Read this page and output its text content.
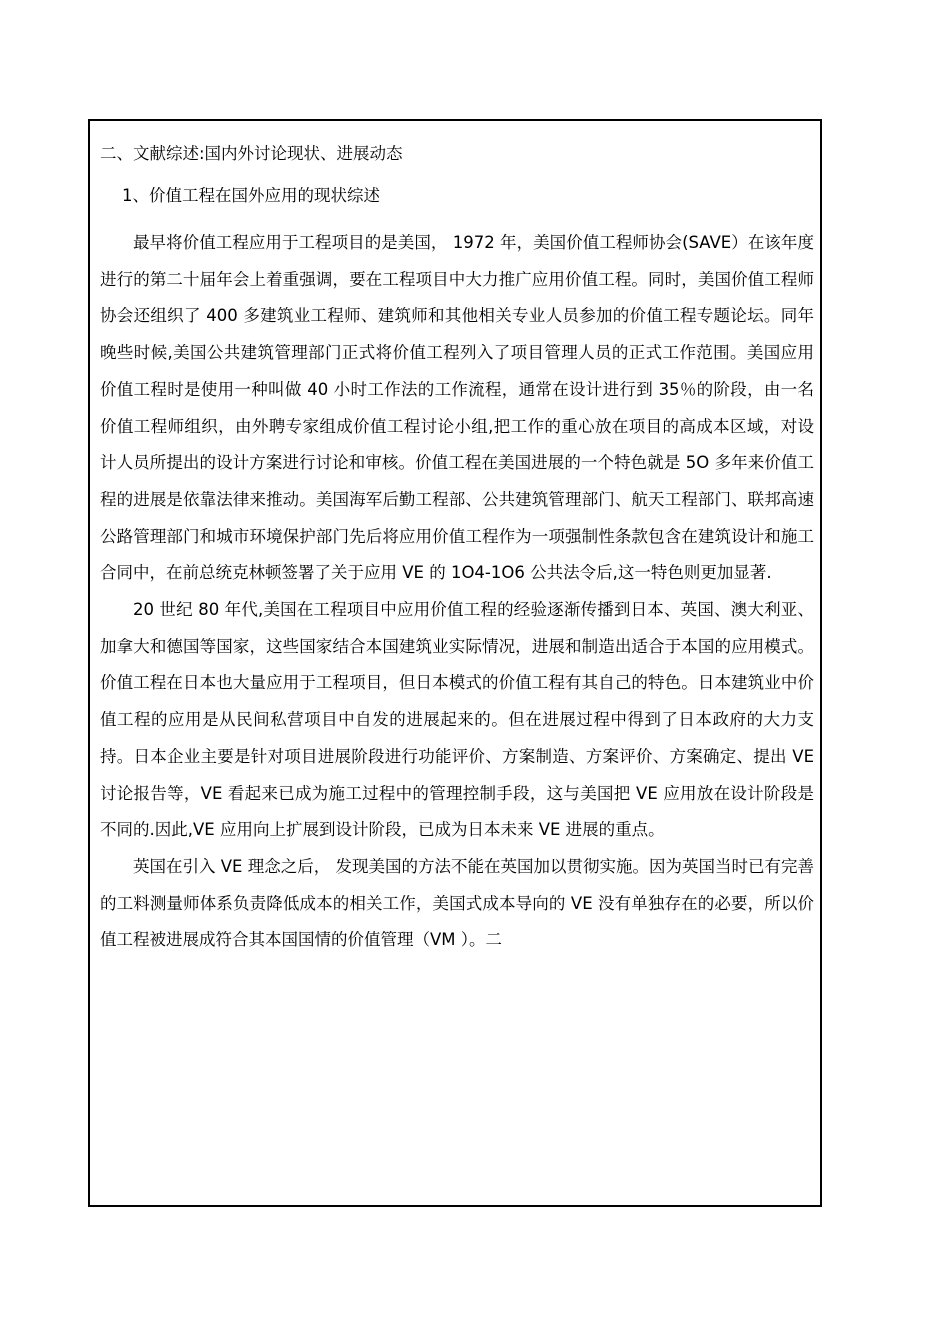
二、文献综述:国内外讨论现状、进展动态
1、价值工程在国外应用的现状综述

最早将价值工程应用于工程项目的是美国， 1972 年，美国价值工程师协会(SAVE）在该年度进行的第二十届年会上着重强调，要在工程项目中大力推广应用价值工程。同时，美国价值工程师协会还组织了 400 多建筑业工程师、建筑师和其他相关专业人员参加的价值工程专题论坛。同年晚些时候,美国公共建筑管理部门正式将价值工程列入了项目管理人员的正式工作范围。美国应用价值工程时是使用一种叫做 40 小时工作法的工作流程，通常在设计进行到 35％的阶段，由一名价值工程师组织，由外聘专家组成价值工程讨论小组,把工作的重心放在项目的高成本区域，对设计人员所提出的设计方案进行讨论和审核。价值工程在美国进展的一个特色就是 5O 多年来价值工程的进展是依靠法律来推动。美国海军后勤工程部、公共建筑管理部门、航天工程部门、联邦高速公路管理部门和城市环境保护部门先后将应用价值工程作为一项强制性条款包含在建筑设计和施工合同中，在前总统克林顿签署了关于应用 VE 的 1O4-1O6 公共法令后,这一特色则更加显著.

20 世纪 80 年代,美国在工程项目中应用价值工程的经验逐渐传播到日本、英国、澳大利亚、加拿大和德国等国家，这些国家结合本国建筑业实际情况，进展和制造出适合于本国的应用模式。价值工程在日本也大量应用于工程项目，但日本模式的价值工程有其自己的特色。日本建筑业中价值工程的应用是从民间私营项目中自发的进展起来的。但在进展过程中得到了日本政府的大力支持。日本企业主要是针对项目进展阶段进行功能评价、方案制造、方案评价、方案确定、提出 VE 讨论报告等，VE 看起来已成为施工过程中的管理控制手段，这与美国把 VE 应用放在设计阶段是不同的.因此,VE 应用向上扩展到设计阶段，已成为日本未来 VE 进展的重点。

英国在引入 VE 理念之后， 发现美国的方法不能在英国加以贯彻实施。因为英国当时已有完善的工料测量师体系负责降低成本的相关工作，美国式成本导向的 VE 没有单独存在的必要，所以价值工程被进展成符合其本国国情的价值管理（VM ）。二
